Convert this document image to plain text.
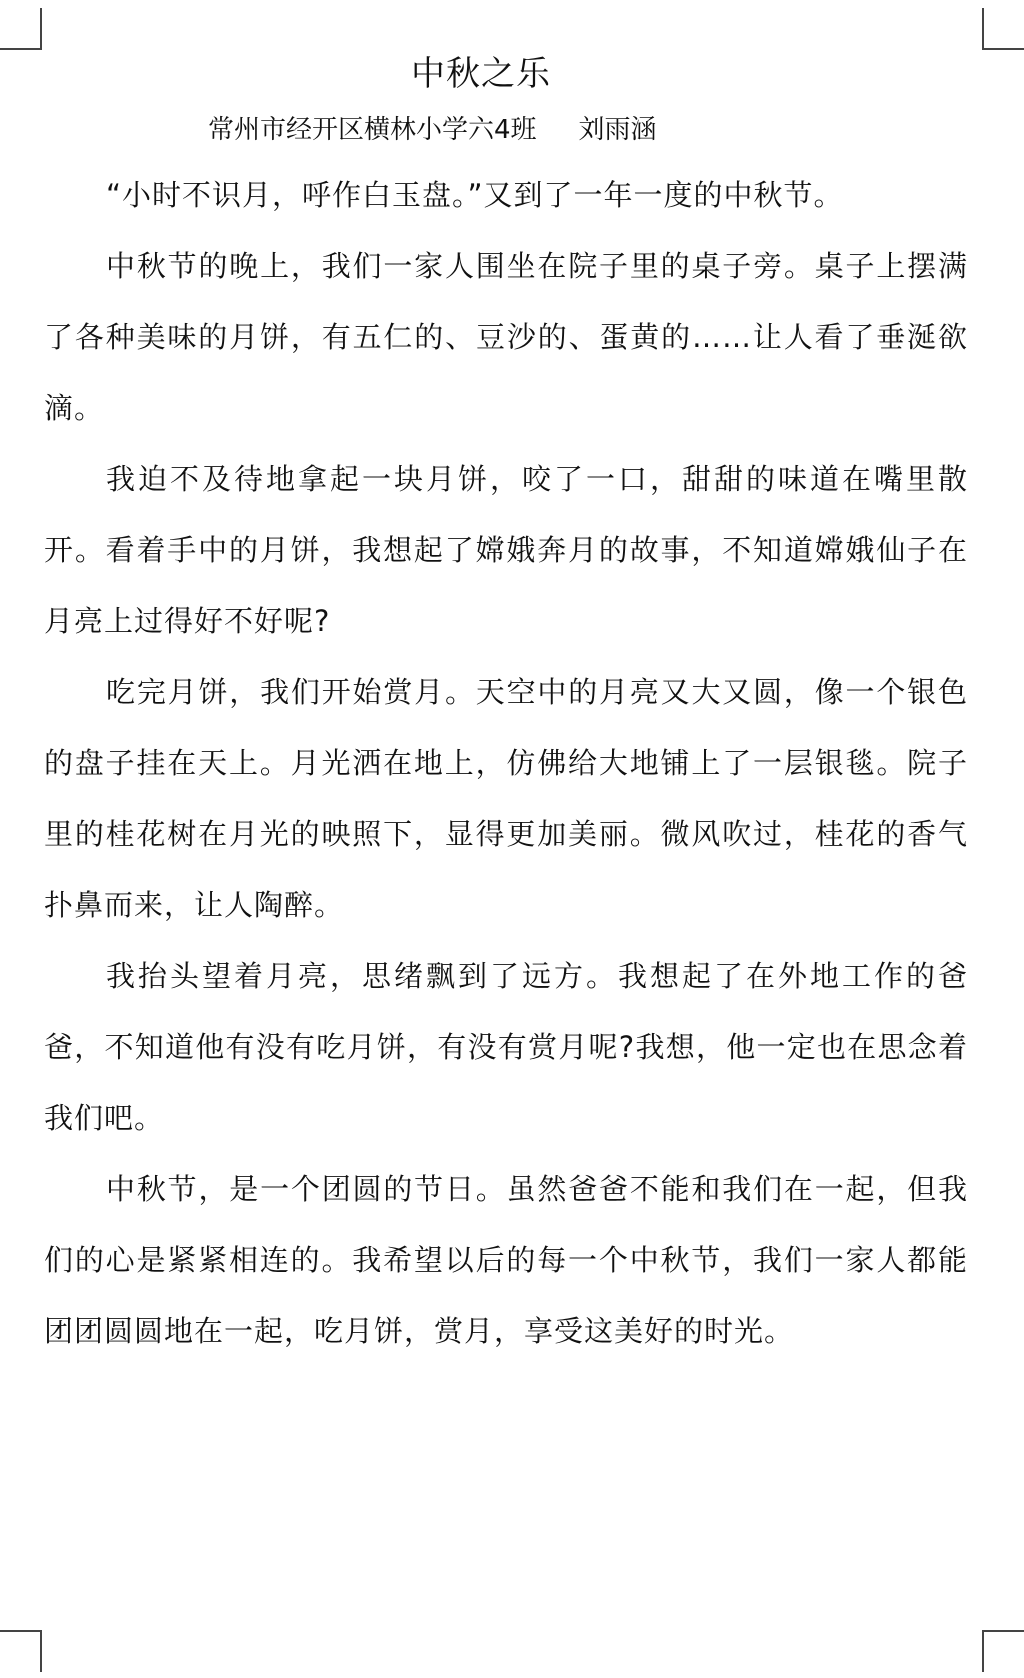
中秋之乐
常州市经开区横林小学六4班 刘雨涵

“小时不识月，呼作白玉盘。”又到了一年一度的中秋节。

中秋节的晚上，我们一家人围坐在院子里的桌子旁。桌子上摆满了各种美味的月饼，有五仁的、豆沙的、蛋黄的……让人看了垂涎欲滴。

我迫不及待地拿起一块月饼，咬了一口，甜甜的味道在嘴里散开。看着手中的月饼，我想起了嫦娥奔月的故事，不知道嫦娥仙子在月亮上过得好不好呢?

吃完月饼，我们开始赏月。天空中的月亮又大又圆，像一个银色的盘子挂在天上。月光洒在地上，仿佛给大地铺上了一层银毯。院子里的桂花树在月光的映照下，显得更加美丽。微风吹过，桂花的香气扑鼻而来，让人陶醉。

我抬头望着月亮，思绪飘到了远方。我想起了在外地工作的爸爸，不知道他有没有吃月饼，有没有赏月呢?我想，他一定也在思念着我们吧。

中秋节，是一个团圆的节日。虽然爸爸不能和我们在一起，但我们的心是紧紧相连的。我希望以后的每一个中秋节，我们一家人都能团团圆圆地在一起，吃月饼，赏月，享受这美好的时光。
